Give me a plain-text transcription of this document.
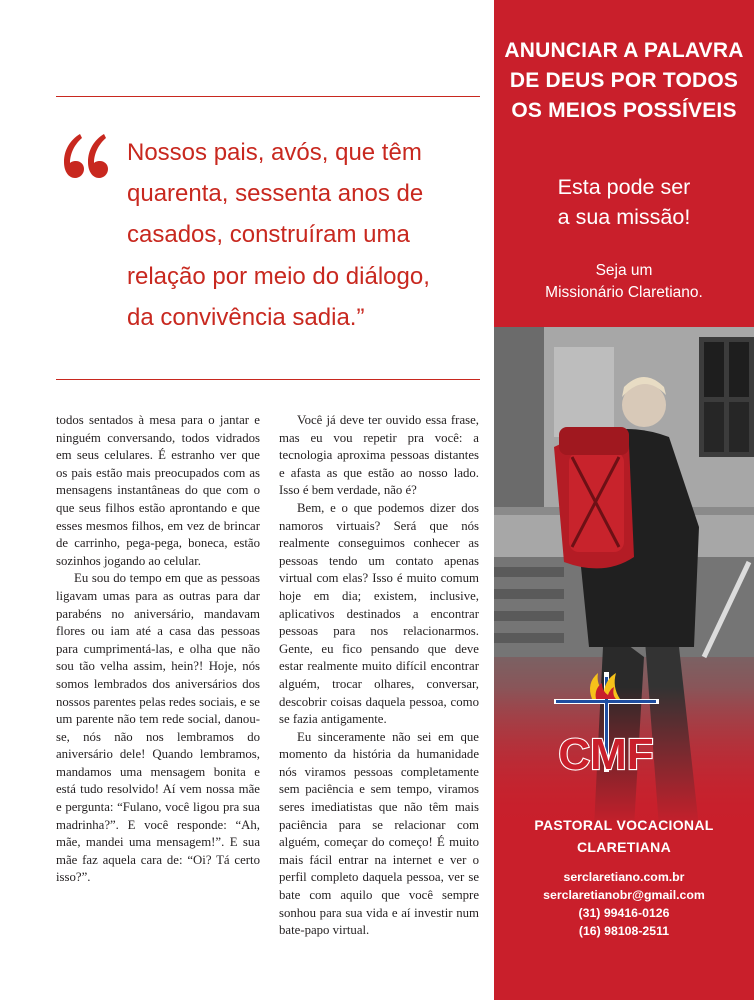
Nossos pais, avós, que têm
quarenta, sessenta anos de
casados, construíram uma
relação por meio do diálogo,
da convivência sadia.”

todos sentados à mesa para o jantar e ninguém conversando, todos vidrados em seus celulares. É estranho ver que os pais estão mais preocupados com as mensagens instantâneas do que com o que seus filhos estão aprontando e que esses mesmos filhos, em vez de brincar de carrinho, pega-pega, boneca, estão sozinhos jogando ao celular.

Eu sou do tempo em que as pessoas ligavam umas para as outras para dar parabéns no aniversário, mandavam flores ou iam até a casa das pessoas para cumprimentá-las, e olha que não sou tão velha assim, hein?! Hoje, nós somos lembrados dos aniversários dos nossos parentes pelas redes sociais, e se um parente não tem rede social, danou-se, nós não nos lembramos do aniversário dele! Quando lembramos, mandamos uma mensagem bonita e está tudo resolvido! Aí vem nossa mãe e pergunta: “Fulano, você ligou pra sua madrinha?”. E você responde: “Ah, mãe, mandei uma mensagem!”. E sua mãe faz aquela cara de: “Oi? Tá certo isso?”.

Você já deve ter ouvido essa frase, mas eu vou repetir pra você: a tecnologia aproxima pessoas distantes e afasta as que estão ao nosso lado. Isso é bem verdade, não é?

Bem, e o que podemos dizer dos namoros virtuais? Será que nós realmente conseguimos conhecer as pessoas tendo um contato apenas virtual com elas? Isso é muito comum hoje em dia; existem, inclusive, aplicativos destinados a encontrar pessoas para nos relacionarmos. Gente, eu fico pensando que deve estar realmente muito difícil encontrar alguém, trocar olhares, conversar, descobrir coisas daquela pessoa, como se fazia antigamente.

Eu sinceramente não sei em que momento da história da humanidade nós viramos pessoas completamente sem paciência e sem tempo, viramos seres imediatistas que não têm mais paciência para se relacionar com alguém, começar do começo! É muito mais fácil entrar na internet e ver o perfil completo daquela pessoa, ver se bate com aquilo que você sempre sonhou para sua vida e aí investir num bate-papo virtual.

ANUNCIAR A PALAVRA
DE DEUS POR TODOS
OS MEIOS POSSÍVEIS
Esta pode ser
a sua missão!
Seja um
Missionário Claretiano.
CMF
PASTORAL VOCACIONAL
CLARETIANA
serclaretiano.com.br
serclaretianobr@gmail.com
(31) 99416-0126
(16) 98108-2511
